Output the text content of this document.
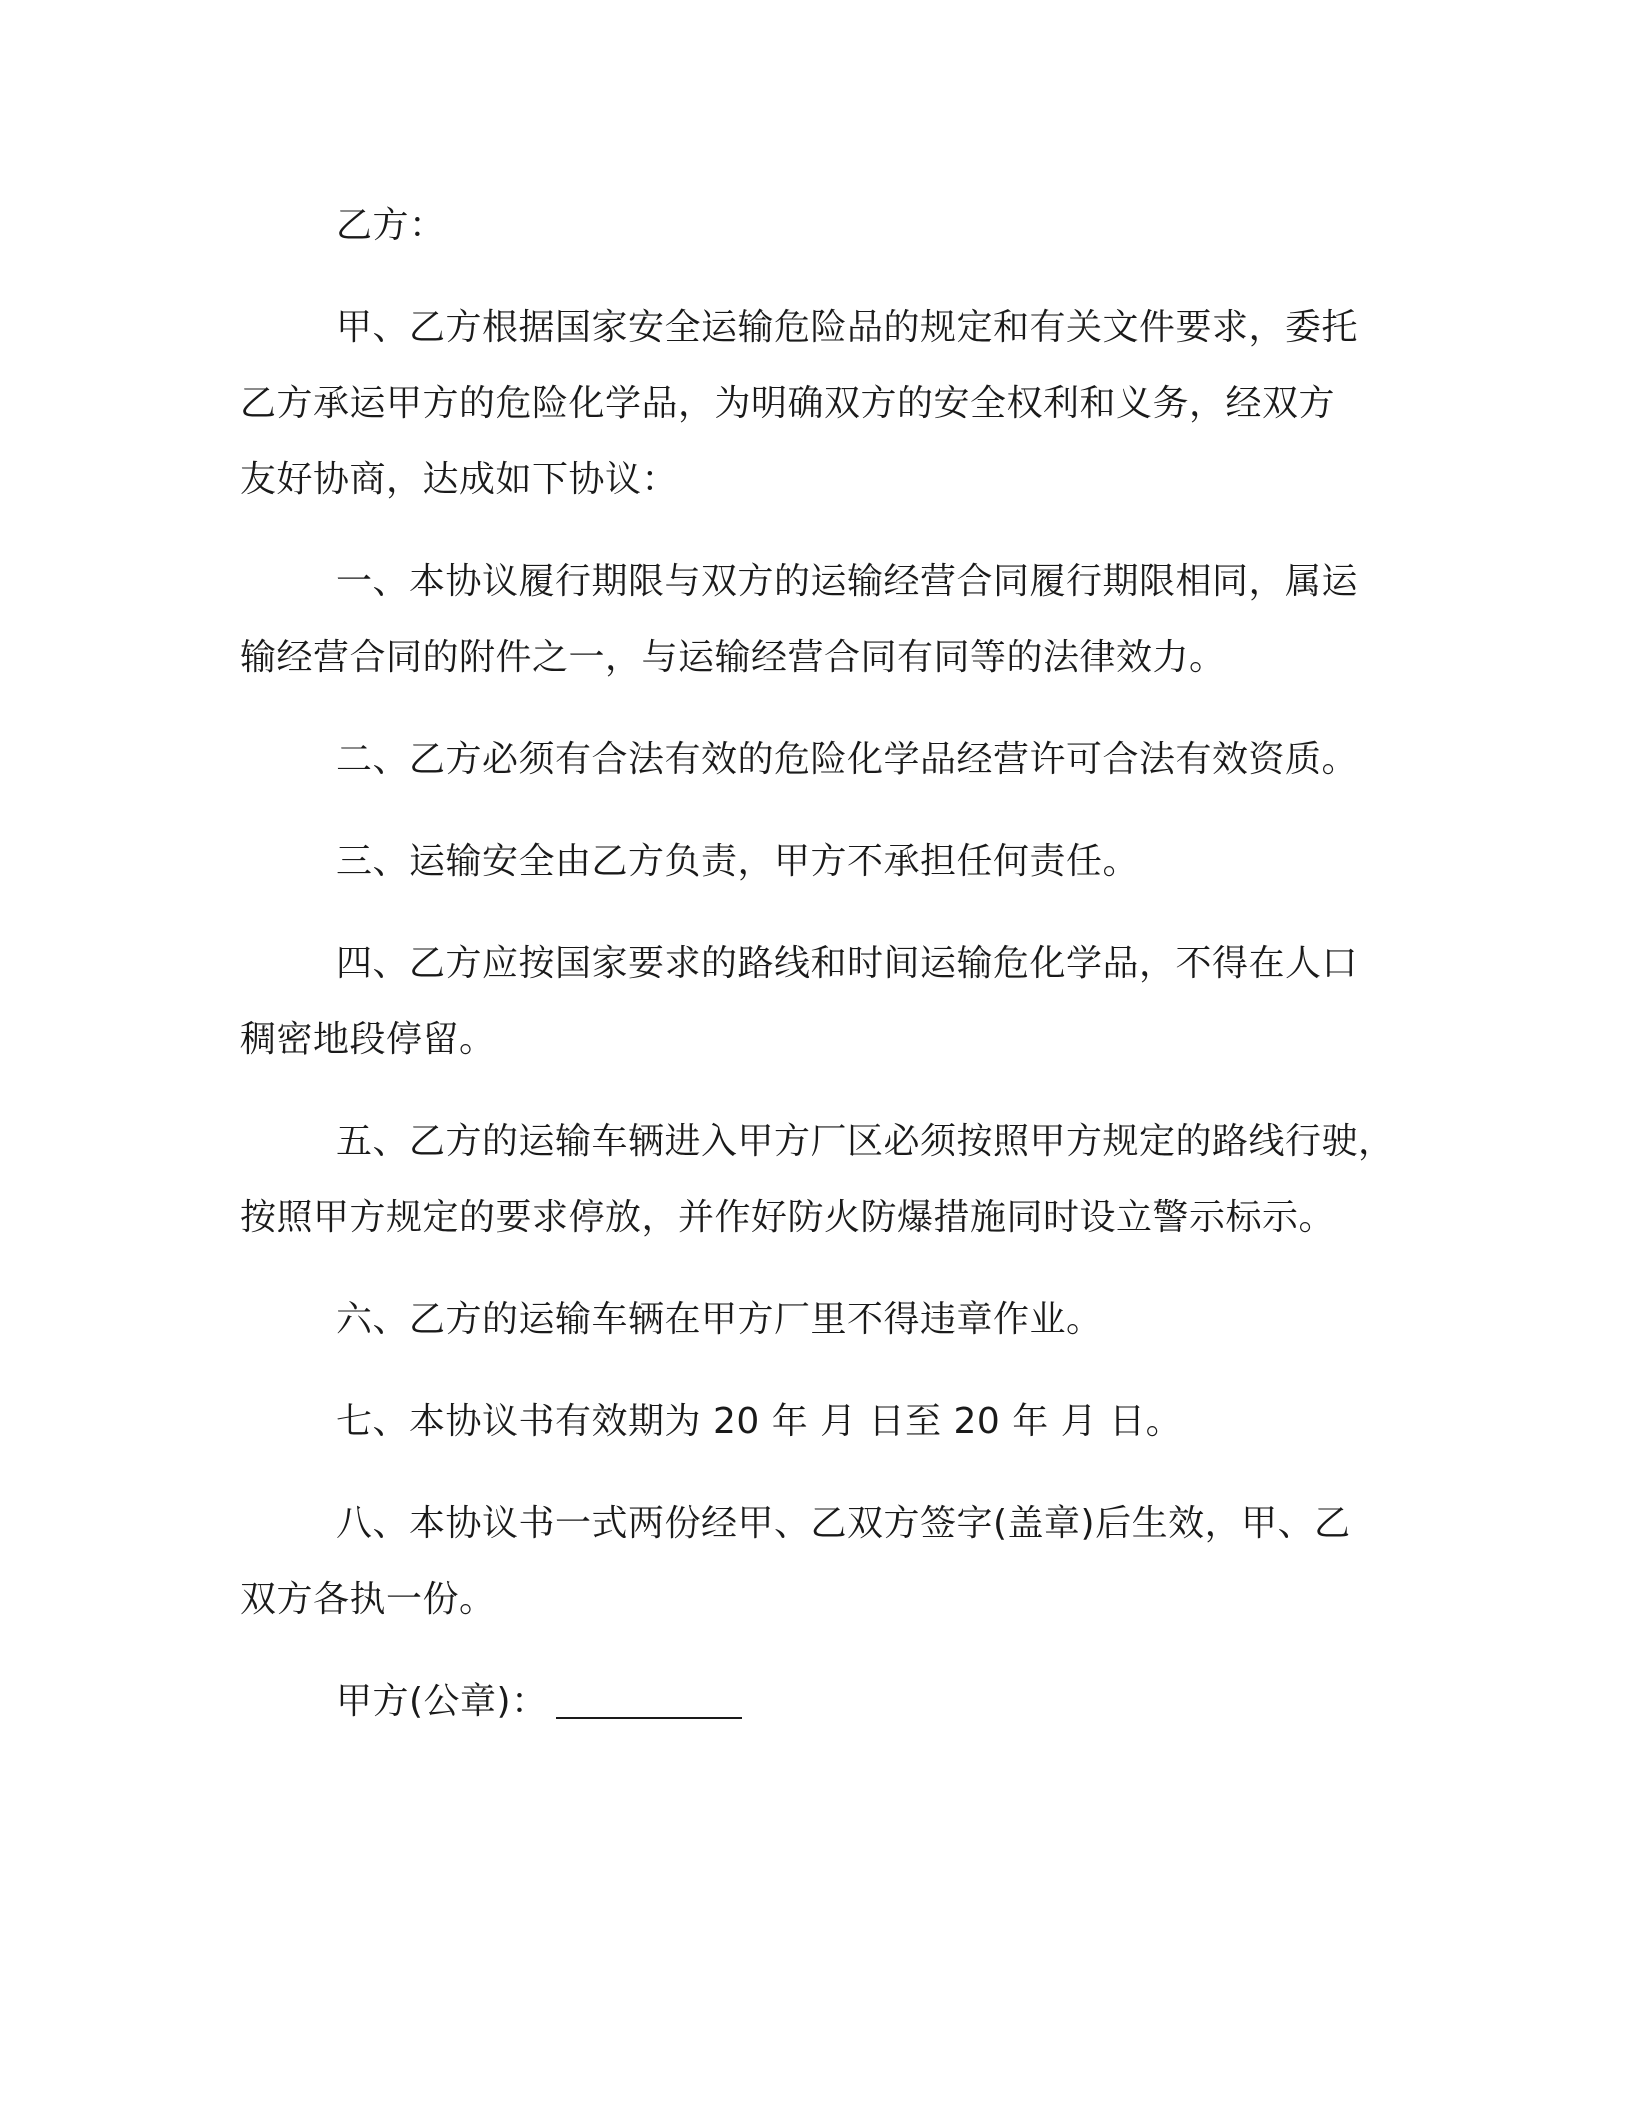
乙方：

甲、乙方根据国家安全运输危险品的规定和有关文件要求，委托
乙方承运甲方的危险化学品，为明确双方的安全权利和义务，经双方
友好协商，达成如下协议：

一、本协议履行期限与双方的运输经营合同履行期限相同，属运
输经营合同的附件之一，与运输经营合同有同等的法律效力。

二、乙方必须有合法有效的危险化学品经营许可合法有效资质。

三、运输安全由乙方负责，甲方不承担任何责任。

四、乙方应按国家要求的路线和时间运输危化学品，不得在人口
稠密地段停留。

五、乙方的运输车辆进入甲方厂区必须按照甲方规定的路线行驶，
按照甲方规定的要求停放，并作好防火防爆措施同时设立警示标示。

六、乙方的运输车辆在甲方厂里不得违章作业。

七、本协议书有效期为 20 年 月 日至 20 年 月 日。

八、本协议书一式两份经甲、乙双方签字(盖章)后生效，甲、乙
双方各执一份。

甲方(公章)：
